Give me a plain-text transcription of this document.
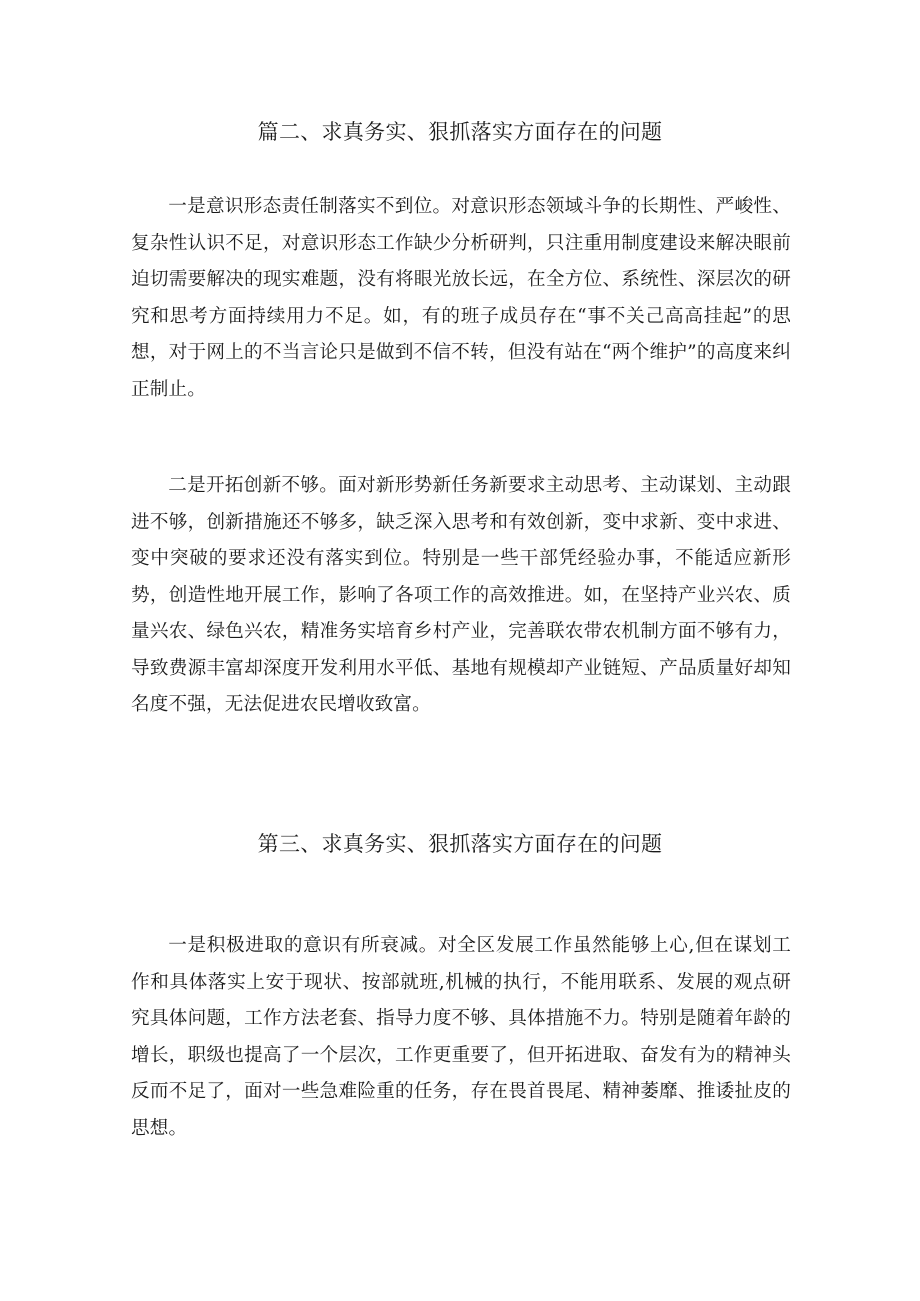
篇二、求真务实、狠抓落实方面存在的问题

一是意识形态责任制落实不到位。对意识形态领域斗争的长期性、严峻性、复杂性认识不足，对意识形态工作缺少分析研判，只注重用制度建设来解决眼前迫切需要解决的现实难题，没有将眼光放长远，在全方位、系统性、深层次的研究和思考方面持续用力不足。如，有的班子成员存在“事不关己高高挂起”的思想，对于网上的不当言论只是做到不信不转，但没有站在“两个维护”的高度来纠正制止。

二是开拓创新不够。面对新形势新任务新要求主动思考、主动谋划、主动跟进不够，创新措施还不够多，缺乏深入思考和有效创新，变中求新、变中求进、变中突破的要求还没有落实到位。特别是一些干部凭经验办事，不能适应新形势，创造性地开展工作，影响了各项工作的高效推进。如，在坚持产业兴农、质量兴农、绿色兴农，精准务实培育乡村产业，完善联农带农机制方面不够有力，导致费源丰富却深度开发利用水平低、基地有规模却产业链短、产品质量好却知名度不强，无法促进农民增收致富。

第三、求真务实、狠抓落实方面存在的问题

一是积极进取的意识有所衰减。对全区发展工作虽然能够上心,但在谋划工作和具体落实上安于现状、按部就班,机械的执行，不能用联系、发展的观点研究具体问题，工作方法老套、指导力度不够、具体措施不力。特别是随着年龄的增长，职级也提高了一个层次，工作更重要了，但开拓进取、奋发有为的精神头反而不足了，面对一些急难险重的任务，存在畏首畏尾、精神萎靡、推诿扯皮的思想。
